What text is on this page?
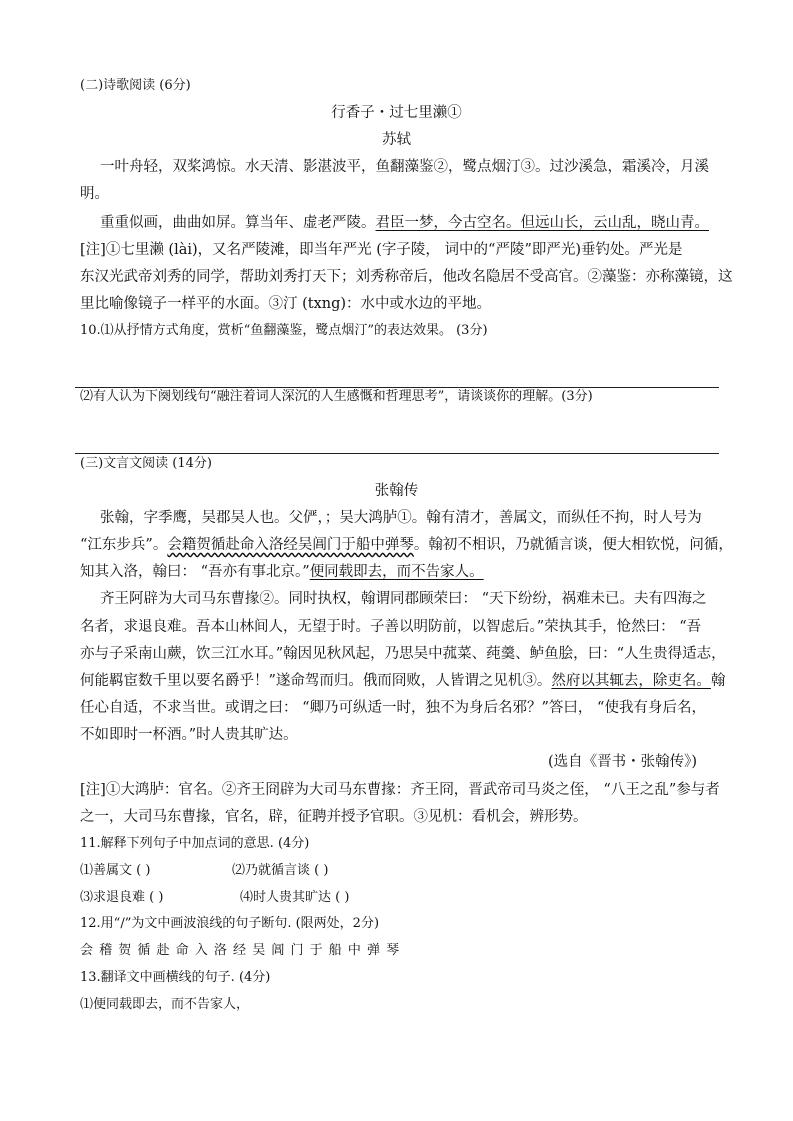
(二)诗歌阅读 (6分)
行香子・过七里濑①
苏轼
一叶舟轻，双桨鸿惊。水天清、影湛波平，鱼翻藻鉴②，鹭点烟汀③。过沙溪急，霜溪冷，月溪
明。
重重似画，曲曲如屏。算当年、虚老严陵。君臣一梦，今古空名。但远山长，云山乱，晓山青。
[注]①七里濑 (lài)，又名严陵滩，即当年严光 (字子陵， 词中的“严陵”即严光)垂钓处。严光是
东汉光武帝刘秀的同学，帮助刘秀打天下；刘秀称帝后，他改名隐居不受高官。②藻鉴：亦称藻镜，这
里比喻像镜子一样平的水面。③汀 (txng)：水中或水边的平地。
10.⑴从抒情方式角度，赏析“鱼翻藻鉴，鹭点烟汀”的表达效果。 (3分)
⑵有人认为下阕划线句“融注着词人深沉的人生感慨和哲理思考”，请谈谈你的理解。(3分)
(三)文言文阅读 (14分)
张翰传
张翰，字季鹰，吴郡吴人也。父俨，；吴大鸿胪①。翰有清才，善属文，而纵任不拘，时人号为
“江东步兵”。会籍贺循赴命入洛经吴阊门于船中弹琴。翰初不相识，乃就循言谈，便大相钦悦，问循，
知其入洛，翰曰： “吾亦有事北京。”便同载即去，而不告家人。
齐王阿辟为大司马东曹掾②。同时执权，翰谓同郡顾荣曰： “天下纷纷，祸难未已。夫有四海之
名者，求退良难。吾本山林间人，无望于时。子善以明防前，以智虑后。”荣执其手，怆然曰： “吾
亦与子采南山蕨，饮三江水耳。”翰因见秋风起，乃思吴中菰菜、莼羹、鲈鱼脍，曰：“人生贵得适志，
何能羁宦数千里以要名爵乎！”遂命驾而归。俄而冏败，人皆谓之见机③。然府以其辄去，除吏名。翰
任心自适，不求当世。或谓之曰： “卿乃可纵适一时，独不为身后名邪？”答曰， “使我有身后名，
不如即时一杯酒。”时人贵其旷达。
(选自《晋书・张翰传》)
[注]①大鸿胪：官名。②齐王冏辟为大司马东曹掾：齐王冏，晋武帝司马炎之侄， “八王之乱”参与者
之一，大司马东曹掾，官名，辟，征聘并授予官职。③见机：看机会，辨形势。
11.解释下列句子中加点词的意思. (4分)
⑴善属文 ( )	⑵乃就循言谈 ( )
⑶求退良难 ( )	⑷时人贵其旷达 ( )
12.用“/”为文中画波浪线的句子断句. (限两处，2分)
会 稽 贺 循 赴 命 入 洛 经 吴 阊 门 于 船 中 弹 琴
13.翻译文中画横线的句子. (4分)
⑴便同载即去，而不告家人，
